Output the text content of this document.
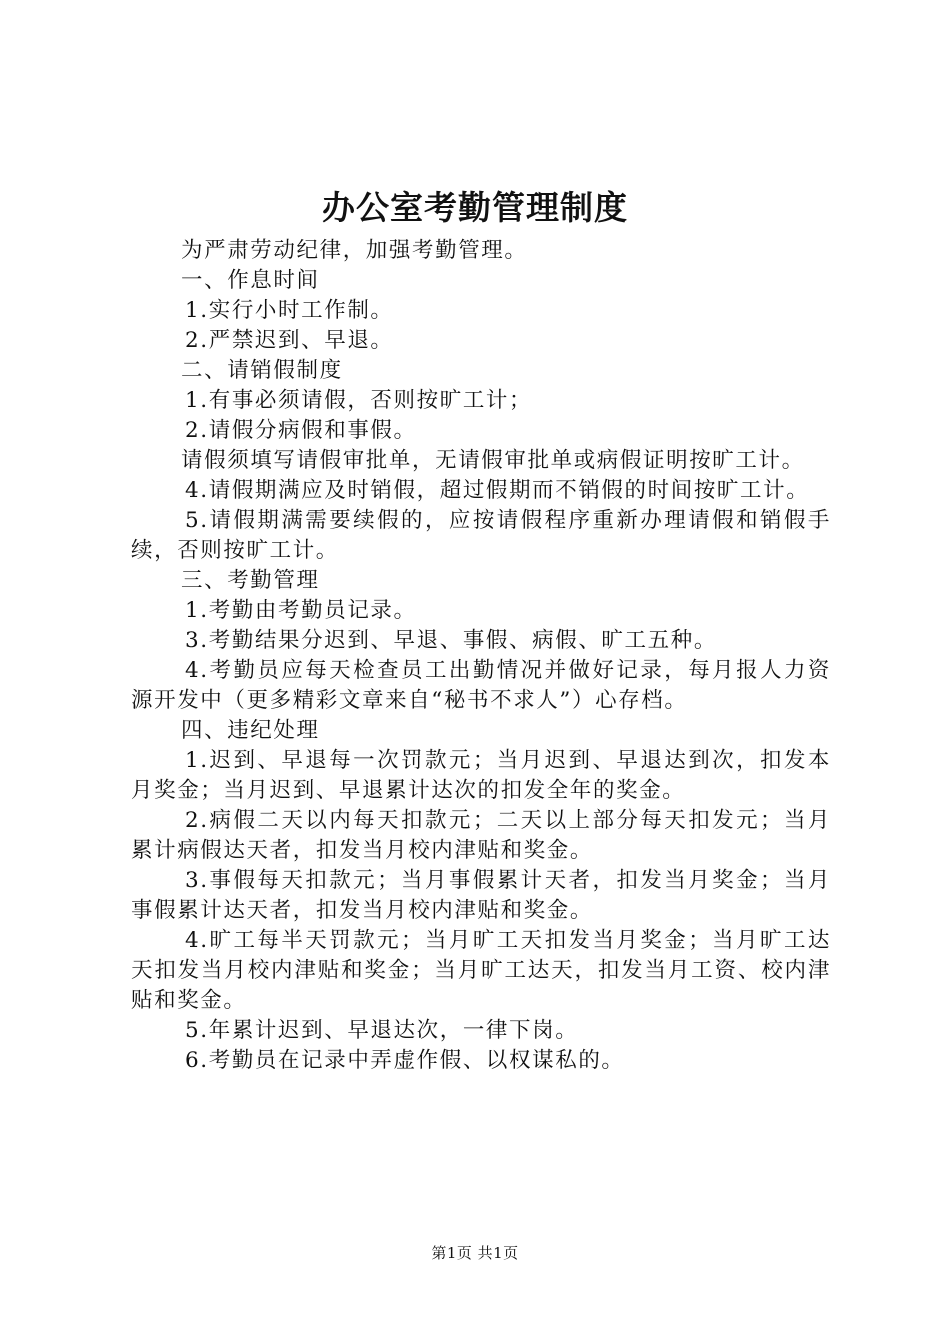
办公室考勤管理制度

为严肃劳动纪律，加强考勤管理。

一、作息时间

1.实行小时工作制。

2.严禁迟到、早退。

二、请销假制度

1.有事必须请假，否则按旷工计；

2.请假分病假和事假。

请假须填写请假审批单，无请假审批单或病假证明按旷工计。

4.请假期满应及时销假，超过假期而不销假的时间按旷工计。

5.请假期满需要续假的，应按请假程序重新办理请假和销假手续，否则按旷工计。

三、考勤管理

1.考勤由考勤员记录。

3.考勤结果分迟到、早退、事假、病假、旷工五种。

4.考勤员应每天检查员工出勤情况并做好记录，每月报人力资源开发中（更多精彩文章来自“秘书不求人”）心存档。

四、违纪处理

1.迟到、早退每一次罚款元；当月迟到、早退达到次，扣发本月奖金；当月迟到、早退累计达次的扣发全年的奖金。

2.病假二天以内每天扣款元；二天以上部分每天扣发元；当月累计病假达天者，扣发当月校内津贴和奖金。

3.事假每天扣款元；当月事假累计天者，扣发当月奖金；当月事假累计达天者，扣发当月校内津贴和奖金。

4.旷工每半天罚款元；当月旷工天扣发当月奖金；当月旷工达天扣发当月校内津贴和奖金；当月旷工达天，扣发当月工资、校内津贴和奖金。

5.年累计迟到、早退达次，一律下岗。

6.考勤员在记录中弄虚作假、以权谋私的。

第1页 共1页
